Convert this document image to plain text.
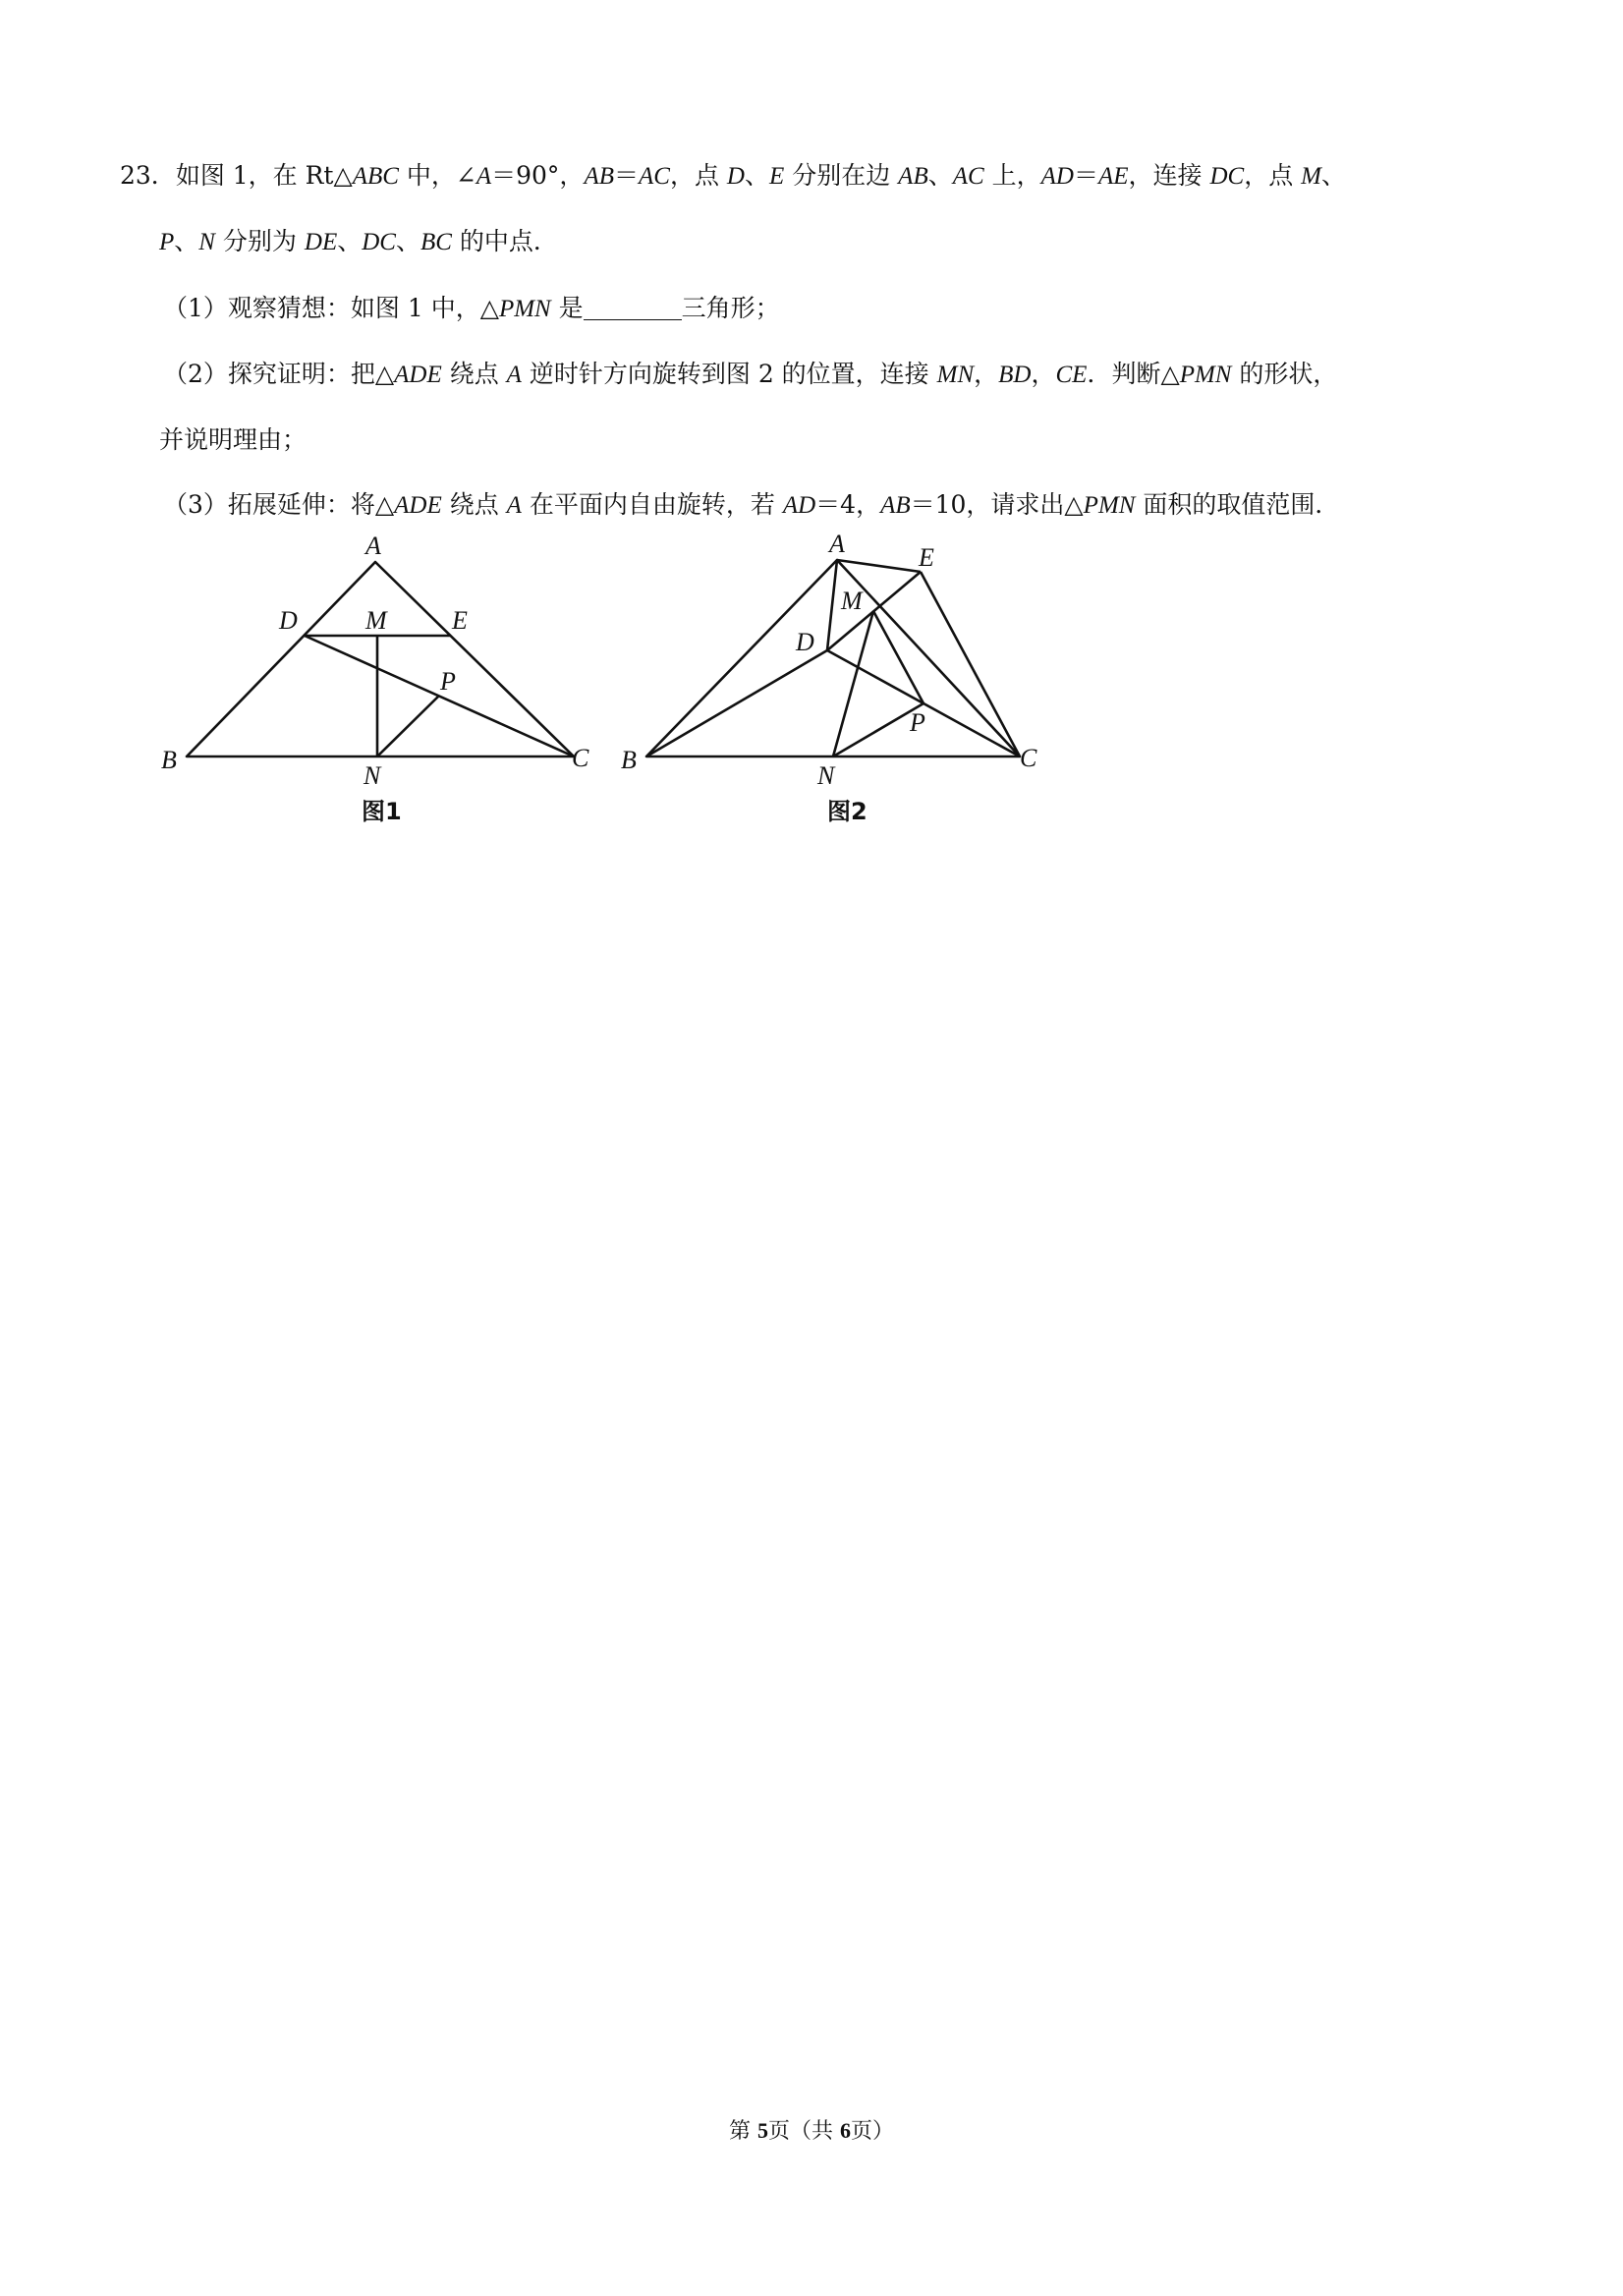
23．如图 1，在 Rt△ABC 中，∠A＝90°，AB＝AC，点 D、E 分别在边 AB、AC 上，AD＝AE，连接 DC，点 M、
P、N 分别为 DE、DC、BC 的中点．
（1）观察猜想：如图 1 中，△PMN 是	三角形；
（2）探究证明：把△ADE 绕点 A 逆时针方向旋转到图 2 的位置，连接 MN，BD，CE．判断△PMN 的形状，
并说明理由；
（3）拓展延伸：将△ADE 绕点 A 在平面内自由旋转，若 AD＝4，AB＝10，请求出△PMN 面积的取值范围．
A
B	C
D	E
M
N
P
图1
A
B	C
D
E
M
N
P
图2
第 5页（共 6页）
